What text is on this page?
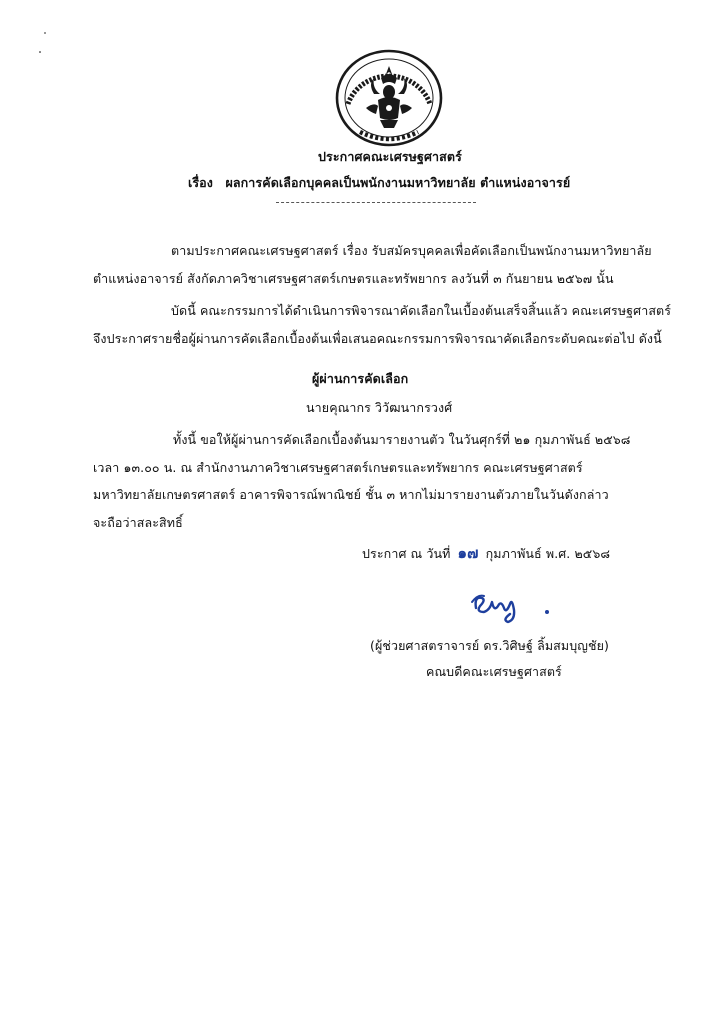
ประกาศคณะเศรษฐศาสตร์
เรื่อง ผลการคัดเลือกบุคคลเป็นพนักงานมหาวิทยาลัย ตำแหน่งอาจารย์
ตามประกาศคณะเศรษฐศาสตร์ เรื่อง รับสมัครบุคคลเพื่อคัดเลือกเป็นพนักงานมหาวิทยาลัย
ตำแหน่งอาจารย์ สังกัดภาควิชาเศรษฐศาสตร์เกษตรและทรัพยากร ลงวันที่ ๓ กันยายน ๒๕๖๗ นั้น
บัดนี้ คณะกรรมการได้ดำเนินการพิจารณาคัดเลือกในเบื้องต้นเสร็จสิ้นแล้ว คณะเศรษฐศาสตร์
จึงประกาศรายชื่อผู้ผ่านการคัดเลือกเบื้องต้นเพื่อเสนอคณะกรรมการพิจารณาคัดเลือกระดับคณะต่อไป ดังนี้
ผู้ผ่านการคัดเลือก
นายคุณากร วิวัฒนากรวงศ์
ทั้งนี้ ขอให้ผู้ผ่านการคัดเลือกเบื้องต้นมารายงานตัว ในวันศุกร์ที่ ๒๑ กุมภาพันธ์ ๒๕๖๘
เวลา ๑๓.๐๐ น. ณ สำนักงานภาควิชาเศรษฐศาสตร์เกษตรและทรัพยากร คณะเศรษฐศาสตร์
มหาวิทยาลัยเกษตรศาสตร์ อาคารพิจารณ์พาณิชย์ ชั้น ๓ หากไม่มารายงานตัวภายในวันดังกล่าว
จะถือว่าสละสิทธิ์
ประกาศ ณ วันที่ ๑๗ กุมภาพันธ์ พ.ศ. ๒๕๖๘
(ผู้ช่วยศาสตราจารย์ ดร.วิศิษฐ์ ลิ้มสมบุญชัย)
คณบดีคณะเศรษฐศาสตร์
